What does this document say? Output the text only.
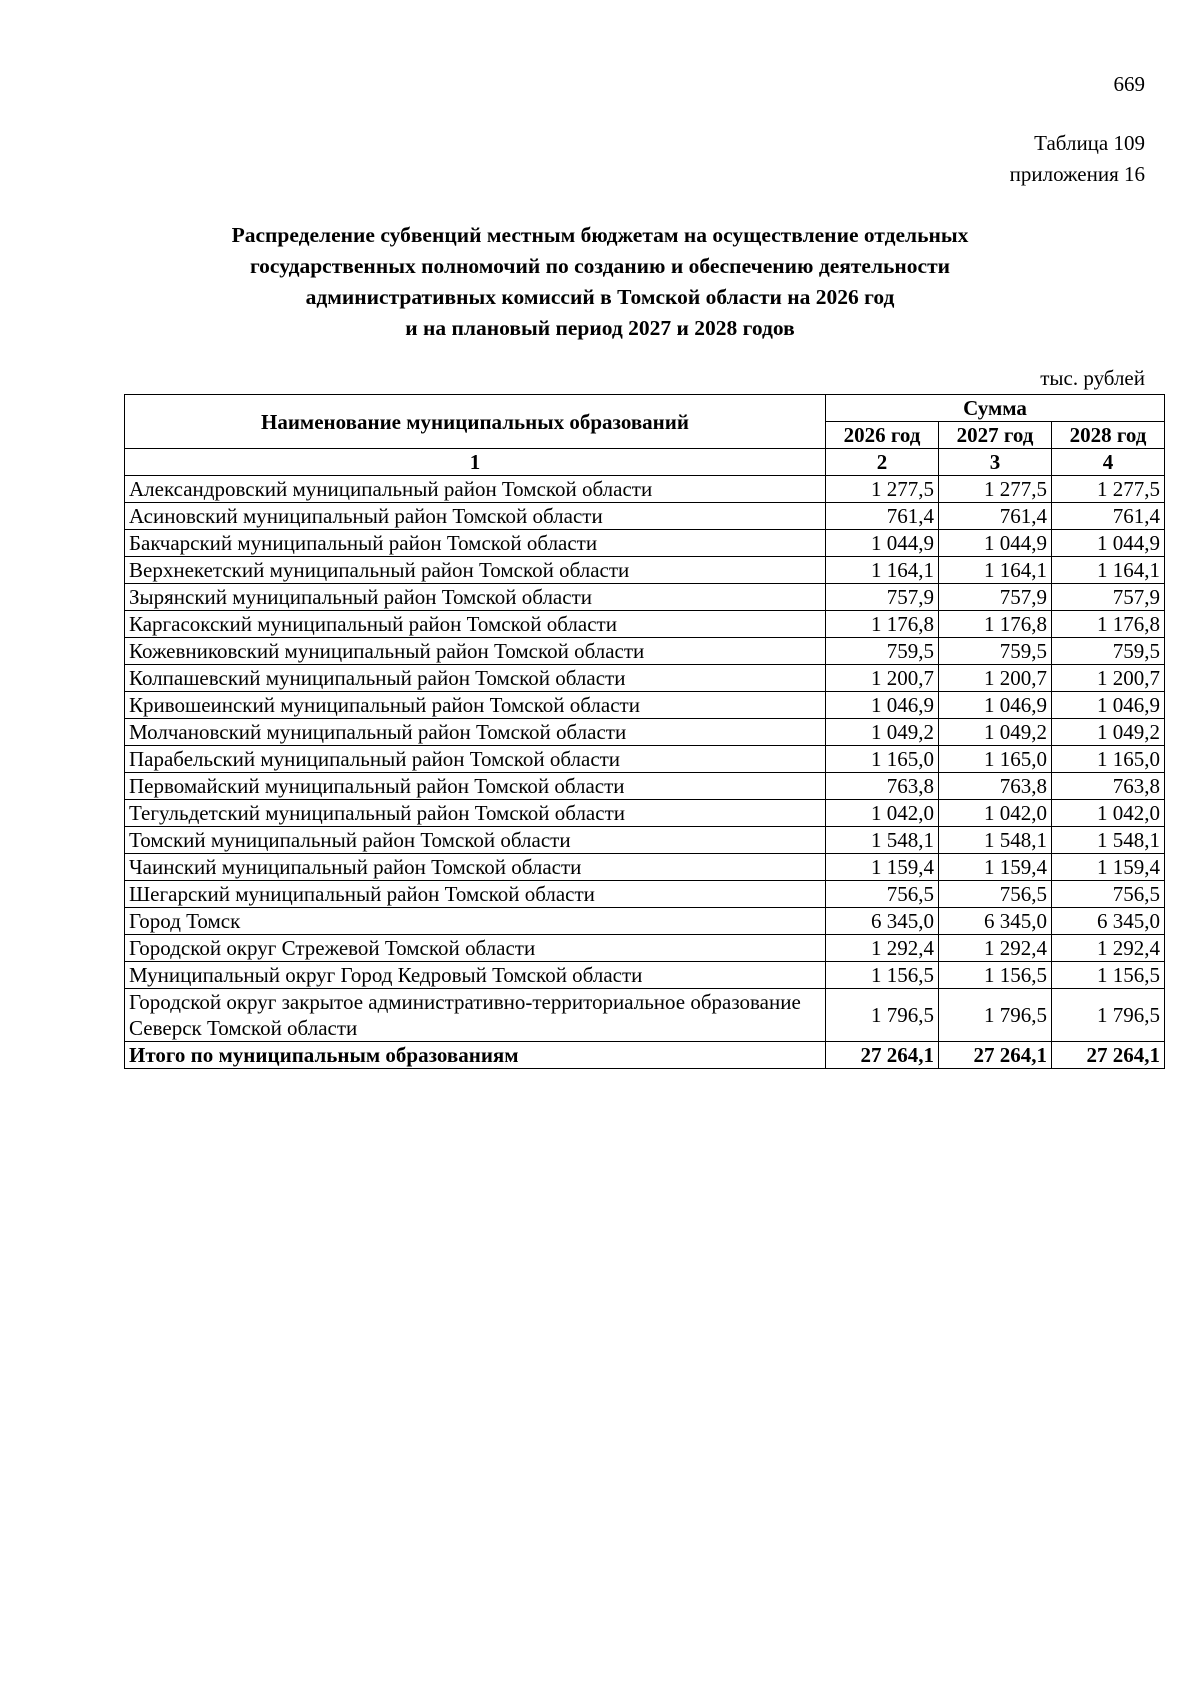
669
Таблица 109
приложения 16
Распределение субвенций местным бюджетам на осуществление отдельных
государственных полномочий по созданию и обеспечению деятельности
административных комиссий в Томской области на 2026 год
и на плановый период 2027 и 2028 годов
тыс. рублей
Наименование муниципальных образований	Сумма		
	2026 год	2027 год	2028 год
1	2	3	4
Александровский муниципальный район Томской области	1 277,5	1 277,5	1 277,5
Асиновский муниципальный район Томской области	761,4	761,4	761,4
Бакчарский муниципальный район Томской области	1 044,9	1 044,9	1 044,9
Верхнекетский муниципальный район Томской области	1 164,1	1 164,1	1 164,1
Зырянский муниципальный район Томской области	757,9	757,9	757,9
Каргасокский муниципальный район Томской области	1 176,8	1 176,8	1 176,8
Кожевниковский муниципальный район Томской области	759,5	759,5	759,5
Колпашевский муниципальный район Томской области	1 200,7	1 200,7	1 200,7
Кривошеинский муниципальный район Томской области	1 046,9	1 046,9	1 046,9
Молчановский муниципальный район Томской области	1 049,2	1 049,2	1 049,2
Парабельский муниципальный район Томской области	1 165,0	1 165,0	1 165,0
Первомайский муниципальный район Томской области	763,8	763,8	763,8
Тегульдетский муниципальный район Томской области	1 042,0	1 042,0	1 042,0
Томский муниципальный район Томской области	1 548,1	1 548,1	1 548,1
Чаинский муниципальный район Томской области	1 159,4	1 159,4	1 159,4
Шегарский муниципальный район Томской области	756,5	756,5	756,5
Город Томск	6 345,0	6 345,0	6 345,0
Городской округ Стрежевой Томской области	1 292,4	1 292,4	1 292,4
Муниципальный округ Город Кедровый Томской области	1 156,5	1 156,5	1 156,5
Городской округ закрытое административно-территориальное образование Северск Томской области	1 796,5	1 796,5	1 796,5
Итого по муниципальным образованиям	27 264,1	27 264,1	27 264,1
